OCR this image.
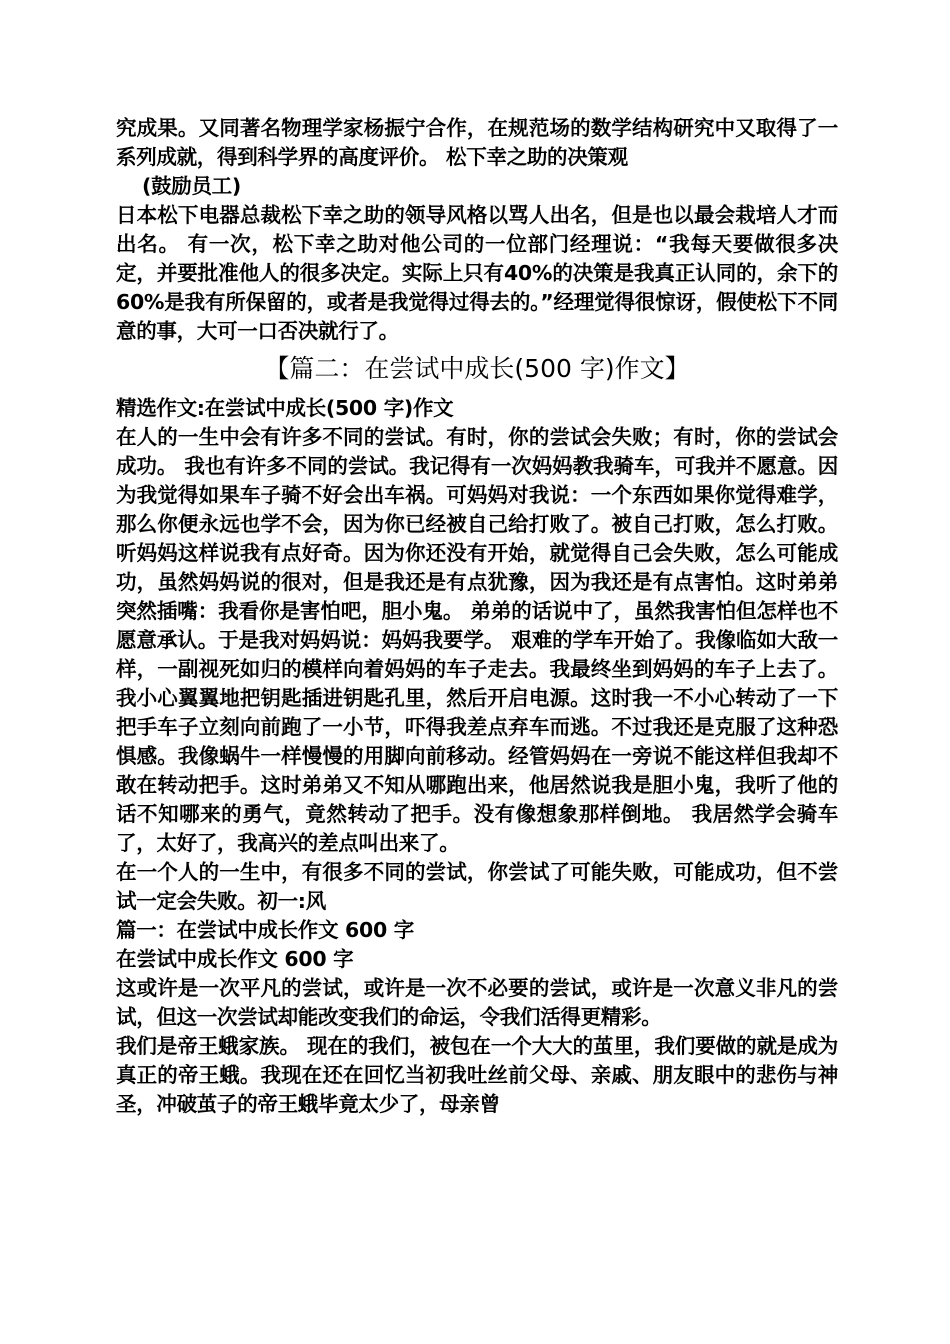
究成果。又同著名物理学家杨振宁合作，在规范场的数学结构研究中又取得了一系列成就，得到科学界的高度评价。 松下幸之助的决策观

(鼓励员工)

日本松下电器总裁松下幸之助的领导风格以骂人出名，但是也以最会栽培人才而出名。 有一次，松下幸之助对他公司的一位部门经理说：“我每天要做很多决定，并要批准他人的很多决定。实际上只有40%的决策是我真正认同的，余下的60%是我有所保留的，或者是我觉得过得去的。”经理觉得很惊讶，假使松下不同意的事，大可一口否决就行了。

【篇二：在尝试中成长(500 字)作文】

精选作文:在尝试中成长(500 字)作文

在人的一生中会有许多不同的尝试。有时，你的尝试会失败；有时，你的尝试会成功。 我也有许多不同的尝试。我记得有一次妈妈教我骑车，可我并不愿意。因为我觉得如果车子骑不好会出车祸。可妈妈对我说：一个东西如果你觉得难学，那么你便永远也学不会，因为你已经被自己给打败了。被自己打败，怎么打败。听妈妈这样说我有点好奇。因为你还没有开始，就觉得自己会失败，怎么可能成功，虽然妈妈说的很对，但是我还是有点犹豫，因为我还是有点害怕。这时弟弟突然插嘴：我看你是害怕吧，胆小鬼。 弟弟的话说中了，虽然我害怕但怎样也不愿意承认。于是我对妈妈说：妈妈我要学。 艰难的学车开始了。我像临如大敌一样，一副视死如归的模样向着妈妈的车子走去。我最终坐到妈妈的车子上去了。我小心翼翼地把钥匙插进钥匙孔里，然后开启电源。这时我一不小心转动了一下把手车子立刻向前跑了一小节，吓得我差点弃车而逃。不过我还是克服了这种恐惧感。我像蜗牛一样慢慢的用脚向前移动。经管妈妈在一旁说不能这样但我却不敢在转动把手。这时弟弟又不知从哪跑出来，他居然说我是胆小鬼，我听了他的话不知哪来的勇气，竟然转动了把手。没有像想象那样倒地。 我居然学会骑车了，太好了，我高兴的差点叫出来了。

在一个人的一生中，有很多不同的尝试，你尝试了可能失败，可能成功，但不尝试一定会失败。初一:风

篇一：在尝试中成长作文 600 字

在尝试中成长作文 600 字

这或许是一次平凡的尝试，或许是一次不必要的尝试，或许是一次意义非凡的尝试，但这一次尝试却能改变我们的命运，令我们活得更精彩。

我们是帝王蛾家族。 现在的我们，被包在一个大大的茧里，我们要做的就是成为真正的帝王蛾。我现在还在回忆当初我吐丝前父母、亲戚、朋友眼中的悲伤与神圣，冲破茧子的帝王蛾毕竟太少了，母亲曾
